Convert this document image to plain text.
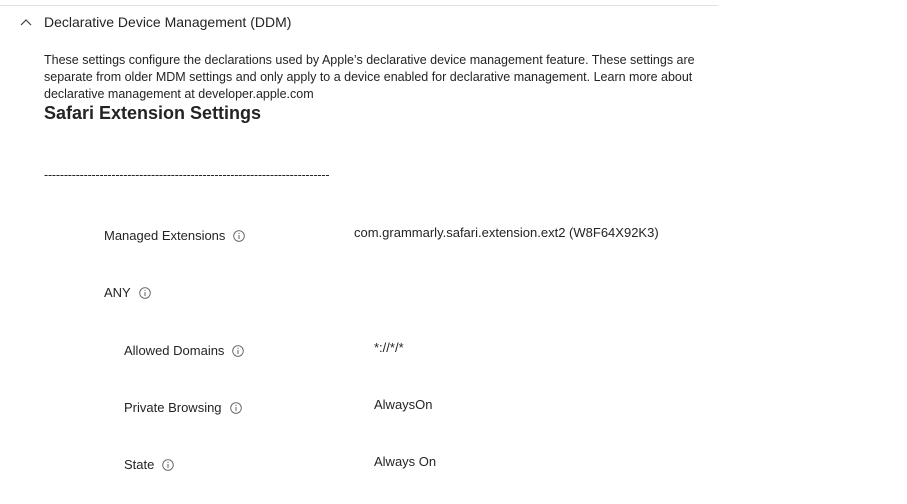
Declarative Device Management (DDM)
These settings configure the declarations used by Apple’s declarative device management feature. These settings are separate from older MDM settings and only apply to a device enabled for declarative management. Learn more about declarative management at developer.apple.com
Safari Extension Settings
------------------------------------------------------------------------
Managed Extensions	com.grammarly.safari.extension.ext2 (W8F64X92K3)
ANY
Allowed Domains	*://*/*
Private Browsing	AlwaysOn
State	Always On
